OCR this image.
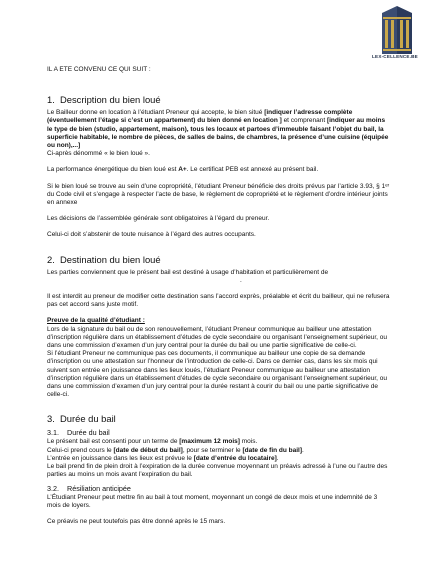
LEX-CELLENCE.BE

IL A ETE CONVENU CE QUI SUIT :

1. Description du bien loué

Le Bailleur donne en location à l’étudiant Preneur qui accepte, le bien situé [indiquer l’adresse complète (éventuellement l’étage si c’est un appartement) du bien donné en location ] et comprenant [indiquer au moins le type de bien (studio, appartement, maison), tous les locaux et partoes d’immeuble faisant l’objet du bail, la superficie habitable, le nombre de pièces, de salles de bains, de chambres, la présence d’une cuisine (équipée ou non),...]
Ci-après dénommé « le bien loué ».

La performance énergétique du bien loué est A+. Le certificat PEB est annexé au présent bail.

Si le bien loué se trouve au sein d’une copropriété, l’étudiant Preneur bénéficie des droits prévus par l’article 3.93, § 1ᵉʳ du Code civil et s’engage à respecter l’acte de base, le règlement de copropriété et le règlement d’ordre intérieur joints en annexe

Les décisions de l’assemblée générale sont obligatoires à l’égard du preneur.

Celui-ci doit s’abstenir de toute nuisance à l’égard des autres occupants.

2. Destination du bien loué

Les parties conviennent que le présent bail est destiné à usage d’habitation et particulièrement de

.

Il est interdit au preneur de modifier cette destination sans l’accord exprès, préalable et écrit du bailleur, qui ne refusera pas cet accord sans juste motif.

Preuve de la qualité d’étudiant :

Lors de la signature du bail ou de son renouvellement, l’étudiant Preneur communique au bailleur une attestation d’inscription régulière dans un établissement d’études de cycle secondaire ou organisant l’enseignement supérieur, ou dans une commission d’examen d’un jury central pour la durée du bail ou une partie significative de celle-ci.

Si l’étudiant Preneur ne communique pas ces documents, il communique au bailleur une copie de sa demande d’inscription ou une attestation sur l’honneur de l’introduction de celle-ci. Dans ce dernier cas, dans les six mois qui suivent son entrée en jouissance dans les lieux loués, l’étudiant Preneur communique au bailleur une attestation d’inscription régulière dans un établissement d’études de cycle secondaire ou organisant l’enseignement supérieur, ou dans une commission d’examen d’un jury central pour la durée restant à courir du bail ou une partie significative de celle-ci.

3. Durée du bail
3.1. Durée du bail

Le présent bail est consenti pour un terme de [maximum 12 mois] mois.
Celui-ci prend cours le [date de début du bail], pour se terminer le [date de fin du bail].
L’entrée en jouissance dans les lieux est prévue le [date d’entrée du locataire].
Le bail prend fin de plein droit à l’expiration de la durée convenue moyennant un préavis adressé à l’une ou l’autre des parties au moins un mois avant l’expiration du bail.

3.2. Résiliation anticipée

L’Étudiant Preneur peut mettre fin au bail à tout moment, moyennant un congé de deux mois et une indemnité de 3 mois de loyers.

Ce préavis ne peut toutefois pas être donné après le 15 mars.
